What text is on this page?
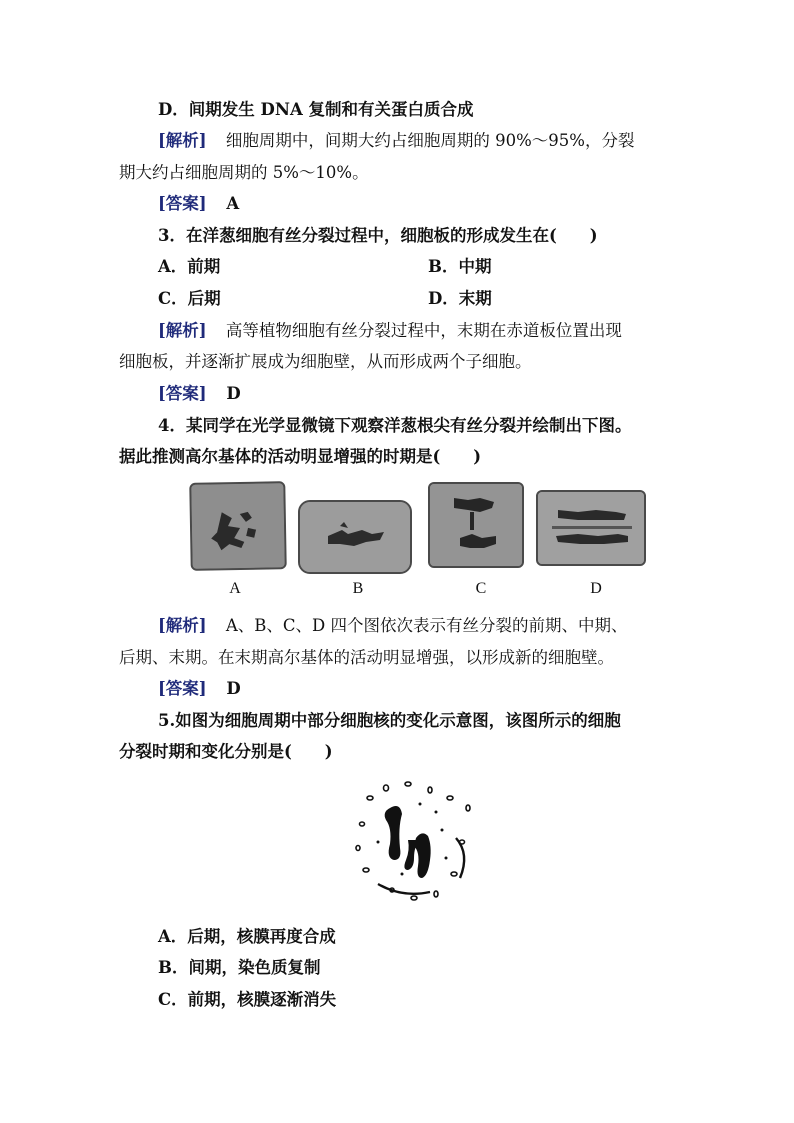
D．间期发生 DNA 复制和有关蛋白质合成
[解析] 细胞周期中，间期大约占细胞周期的 90%～95%，分裂
期大约占细胞周期的 5%～10%。
[答案] A
3．在洋葱细胞有丝分裂过程中，细胞板的形成发生在(　　)
A．前期	B．中期
C．后期	D．末期
[解析] 高等植物细胞有丝分裂过程中，末期在赤道板位置出现
细胞板，并逐渐扩展成为细胞壁，从而形成两个子细胞。
[答案] D
4．某同学在光学显微镜下观察洋葱根尖有丝分裂并绘制出下图。
据此推测高尔基体的活动明显增强的时期是(　　)
A	B	C	D
[解析] A、B、C、D 四个图依次表示有丝分裂的前期、中期、
后期、末期。在末期高尔基体的活动明显增强，以形成新的细胞壁。
[答案] D
5.如图为细胞周期中部分细胞核的变化示意图，该图所示的细胞
分裂时期和变化分别是(　　)
A．后期，核膜再度合成
B．间期，染色质复制
C．前期，核膜逐渐消失
